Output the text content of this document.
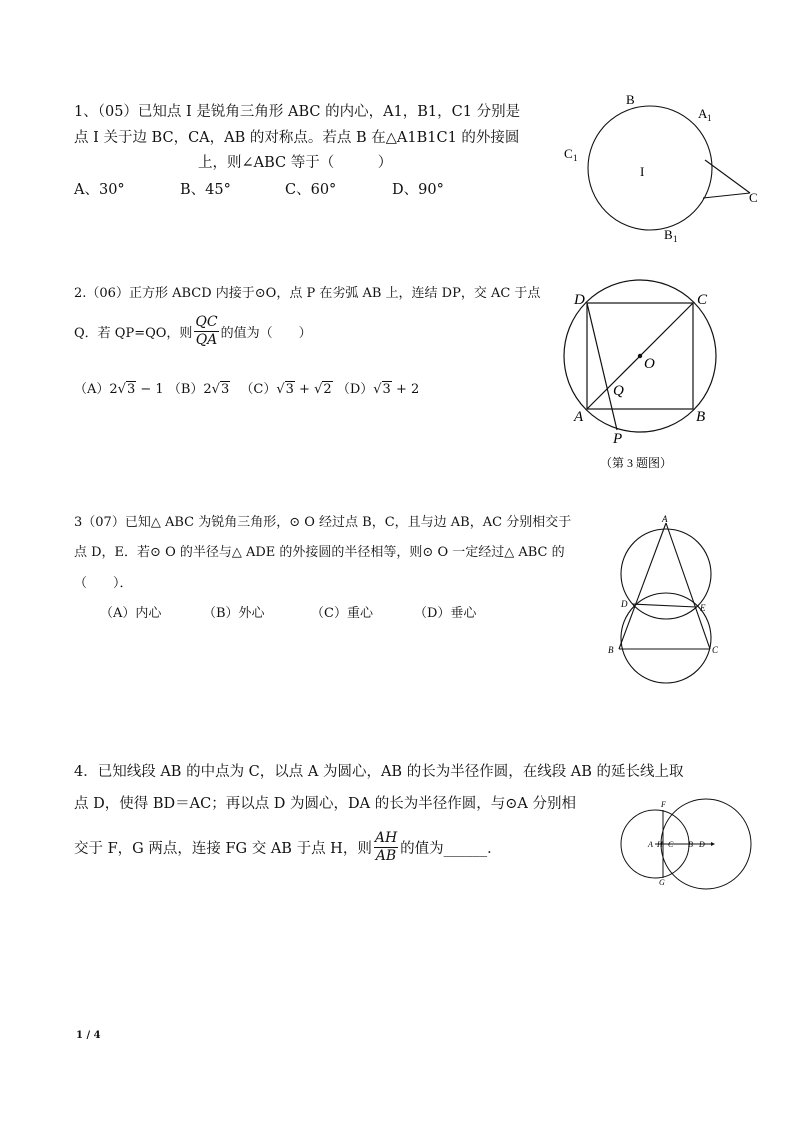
1、（05）已知点 I 是锐角三角形 ABC 的内心，A1，B1，C1 分别是
点 I 关于边 BC，CA，AB 的对称点。若点 B 在△A1B1C1 的外接圆
上，则∠ABC 等于（　　　）
A、30°	B、45°	C、60°	D、90°
B
A 1
C 1
I
C
B 1
2.（06）正方形 ABCD 内接于⊙O，点 P 在劣弧 AB 上，连结 DP，交 AC 于点
Q．若 QP=QO，则 $\frac{QC}{QA}$ 的值为（　　）
（A）2√3 − 1 （B）2√3 （C）√3 + √2 （D）√3 + 2
D	C
O
Q
A	B
P
（第 3 题图）
3（07）已知△ ABC 为锐角三角形，⊙ O 经过点 B，C，且与边 AB，AC 分别相交于
点 D，E．若⊙ O 的半径与△ ADE 的外接圆的半径相等，则⊙ O 一定经过△ ABC 的
（　　）．
（A）内心	（B）外心	（C）重心	（D）垂心
A
D	E
B	C
4．已知线段 AB 的中点为 C，以点 A 为圆心，AB 的长为半径作圆，在线段 AB 的延长线上取
点 D，使得 BD＝AC；再以点 D 为圆心，DA 的长为半径作圆，与⊙A 分别相
交于 F，G 两点，连接 FG 交 AB 于点 H，则 $\frac{AH}{AB}$ 的值为______．
F
A H C B D
G
1 / 4
